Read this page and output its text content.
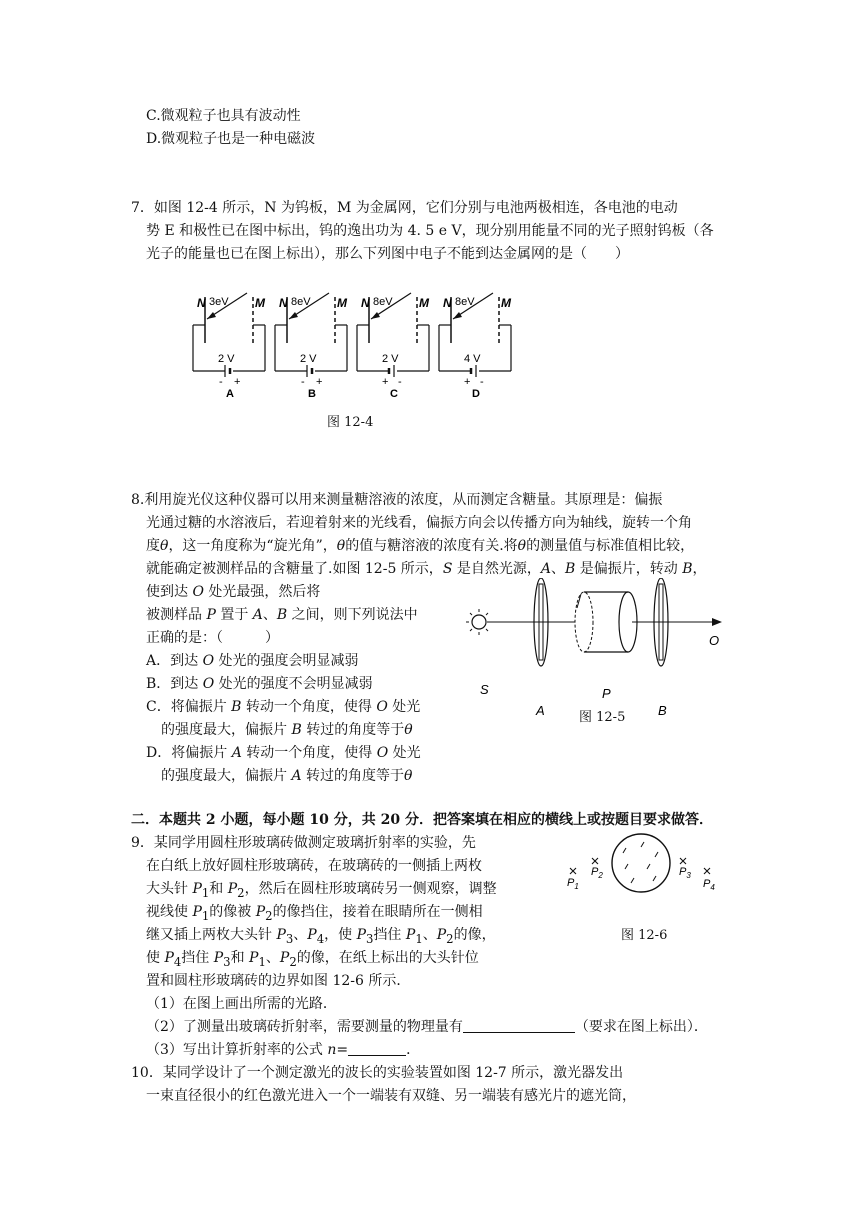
C.微观粒子也具有波动性
D.微观粒子也是一种电磁波
7．如图 12-4 所示，N 为钨板，M 为金属网，它们分别与电池两极相连，各电池的电动
势 E 和极性已在图中标出，钨的逸出功为 4. 5 e V，现分别用能量不同的光子照射钨板（各
光子的能量也已在图上标出），那么下列图中电子不能到达金属网的是（　　）
N 3eV M
2 V
- +
A
N 8eV M
2 V
- +
B
N 8eV M
2 V
+ -
C
N 8eV M
4 V
+ -
D
图 12-4
8.利用旋光仪这种仪器可以用来测量糖溶液的浓度，从而测定含糖量。其原理是：偏振
光通过糖的水溶液后，若迎着射来的光线看，偏振方向会以传播方向为轴线，旋转一个角
度θ，这一角度称为“旋光角”，θ的值与糖溶液的浓度有关.将θ的测量值与标准值相比较，
就能确定被测样品的含糖量了.如图 12-5 所示，S 是自然光源，A、B 是偏振片，转动 B，
使到达 O 处光最强，然后将
被测样品 P 置于 A、B 之间，则下列说法中
正确的是：（　　　）
A．到达 O 处光的强度会明显减弱
B．到达 O 处光的强度不会明显减弱
C．将偏振片 B 转动一个角度，使得 O 处光
的强度最大，偏振片 B 转过的角度等于θ
D．将偏振片 A 转动一个角度，使得 O 处光
的强度最大，偏振片 A 转过的角度等于θ
O
S
A
P
B
图 12-5
二．本题共 2 小题，每小题 10 分，共 20 分．把答案填在相应的横线上或按题目要求做答．
9．某同学用圆柱形玻璃砖做测定玻璃折射率的实验，先
在白纸上放好圆柱形玻璃砖，在玻璃砖的一侧插上两枚
大头针 $P_1$和 $P_2$，然后在圆柱形玻璃砖另一侧观察，调整
视线使 $P_1$的像被 $P_2$的像挡住，接着在眼睛所在一侧相
继又插上两枚大头针 $P_3$、$P_4$，使 $P_3$挡住 $P_1$、$P_2$的像，
使 $P_4$挡住 $P_3$和 $P_1$、$P_2$的像，在纸上标出的大头针位
置和圆柱形玻璃砖的边界如图 12-6 所示．
（1）在图上画出所需的光路．
（2）了测量出玻璃砖折射率，需要测量的物理量有	（要求在图上标出）．
（3）写出计算折射率的公式 n=	．
$P_1$
$P_2$	$P_3$
$P_4$
图 12-6
10．某同学设计了一个测定激光的波长的实验装置如图 12-7 所示，激光器发出
一束直径很小的红色激光进入一个一端装有双缝、另一端装有感光片的遮光筒，
